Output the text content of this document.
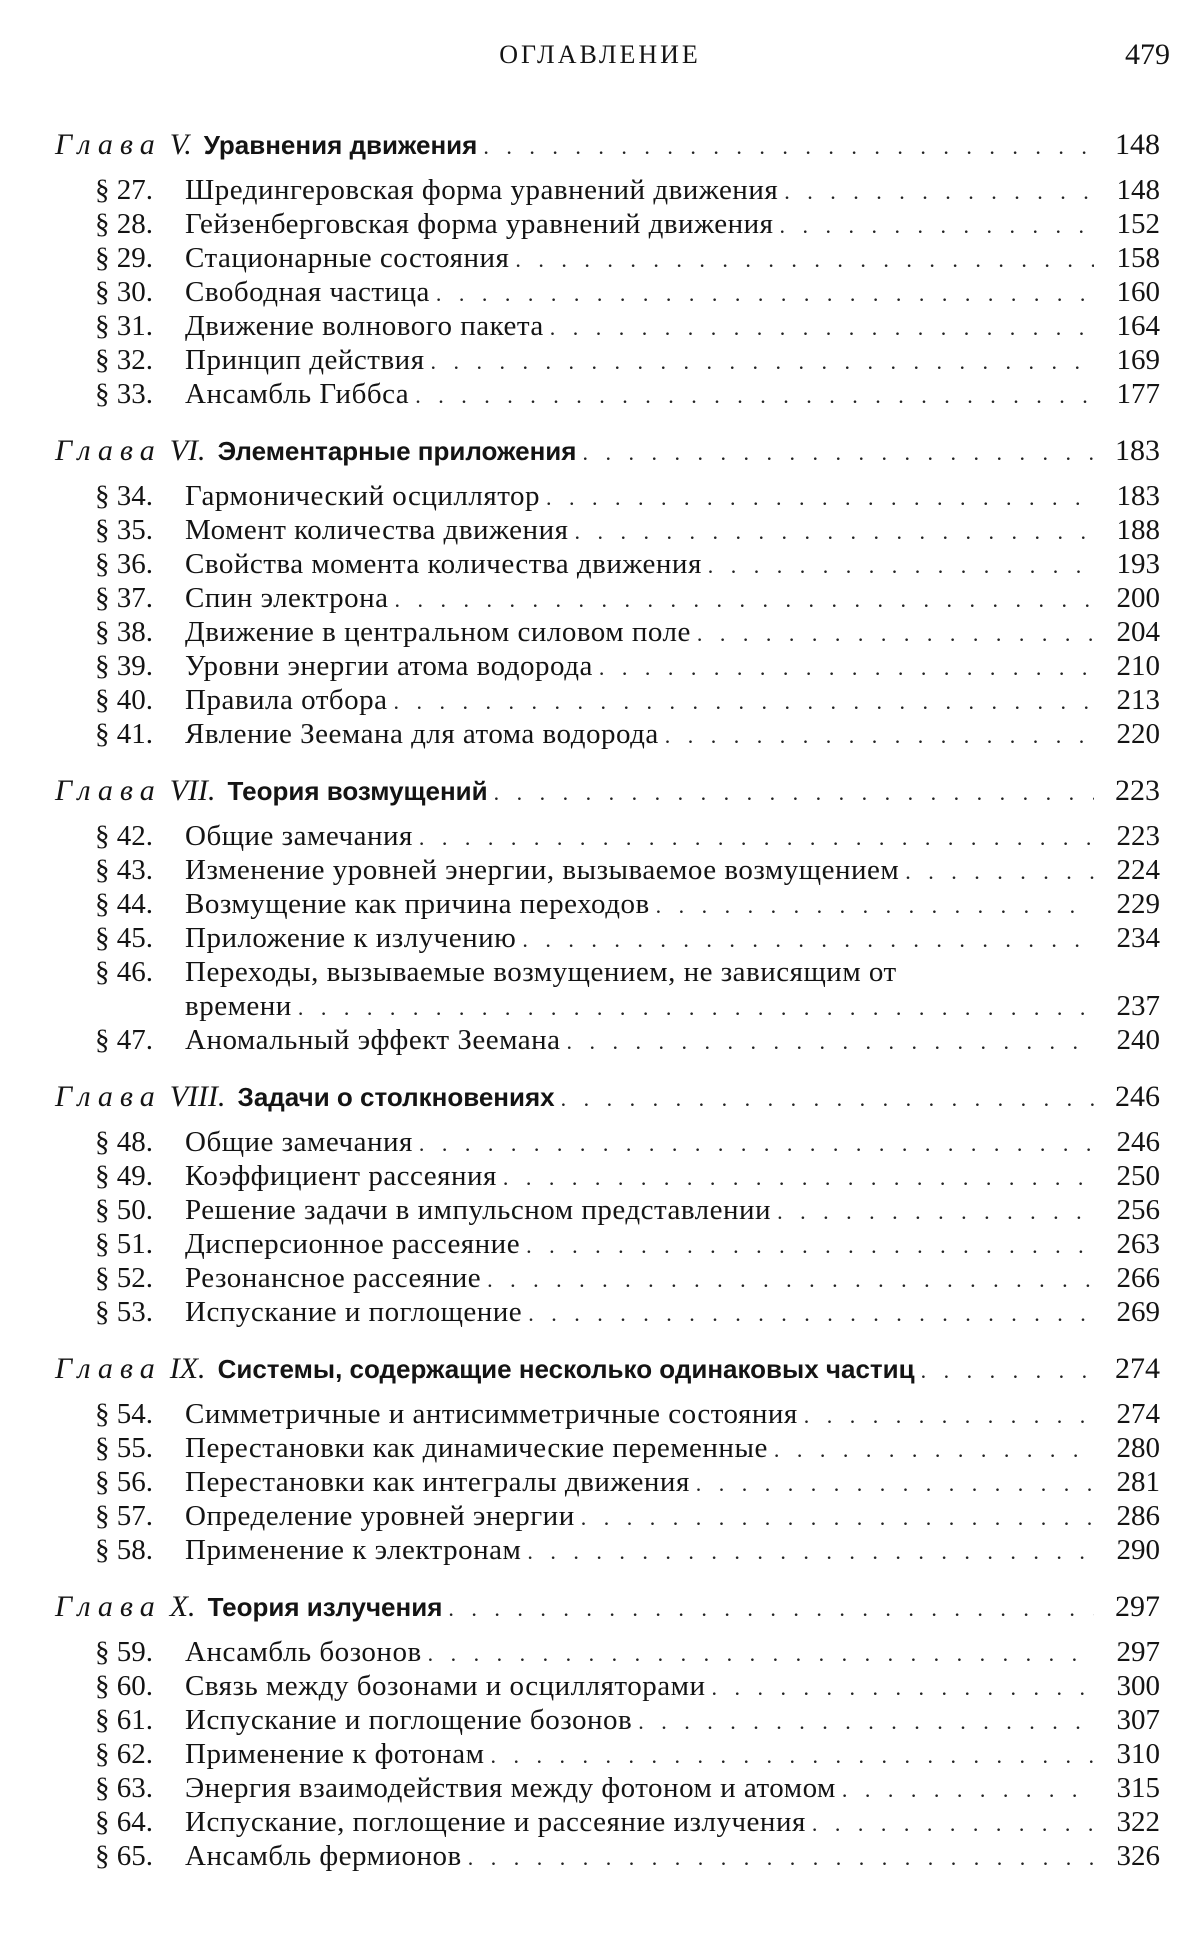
ОГЛАВЛЕНИЕ	479
Глава V. Уравнения движения . . .	148
§ 27.	Шредингеровская форма уравнений движения . . .	148
§ 28.	Гейзенберговская форма уравнений движения . . .	152
§ 29.	Стационарные состояния . . .	158
§ 30.	Свободная частица . . .	160
§ 31.	Движение волнового пакета . . .	164
§ 32.	Принцип действия . . .	169
§ 33.	Ансамбль Гиббса . . .	177
Глава VI. Элементарные приложения . . .	183
§ 34.	Гармонический осциллятор . . .	183
§ 35.	Момент количества движения . . .	188
§ 36.	Свойства момента количества движения . . .	193
§ 37.	Спин электрона . . .	200
§ 38.	Движение в центральном силовом поле . . .	204
§ 39.	Уровни энергии атома водорода . . .	210
§ 40.	Правила отбора . . .	213
§ 41.	Явление Зеемана для атома водорода . . .	220
Глава VII. Теория возмущений . . .	223
§ 42.	Общие замечания . . .	223
§ 43.	Изменение уровней энергии, вызываемое возмущением . . .	224
§ 44.	Возмущение как причина переходов . . .	229
§ 45.	Приложение к излучению . . .	234
§ 46.	Переходы, вызываемые возмущением, не зависящим от
времени . . .	237
§ 47.	Аномальный эффект Зеемана . . .	240
Глава VIII. Задачи о столкновениях . . .	246
§ 48.	Общие замечания . . .	246
§ 49.	Коэффициент рассеяния . . .	250
§ 50.	Решение задачи в импульсном представлении . . .	256
§ 51.	Дисперсионное рассеяние . . .	263
§ 52.	Резонансное рассеяние . . .	266
§ 53.	Испускание и поглощение . . .	269
Глава IX. Системы, содержащие несколько одинаковых частиц . . .	274
§ 54.	Симметричные и антисимметричные состояния . . .	274
§ 55.	Перестановки как динамические переменные . . .	280
§ 56.	Перестановки как интегралы движения . . .	281
§ 57.	Определение уровней энергии . . .	286
§ 58.	Применение к электронам . . .	290
Глава X. Теория излучения . . .	297
§ 59.	Ансамбль бозонов . . .	297
§ 60.	Связь между бозонами и осцилляторами . . .	300
§ 61.	Испускание и поглощение бозонов . . .	307
§ 62.	Применение к фотонам . . .	310
§ 63.	Энергия взаимодействия между фотоном и атомом . . .	315
§ 64.	Испускание, поглощение и рассеяние излучения . . .	322
§ 65.	Ансамбль фермионов . . .	326
